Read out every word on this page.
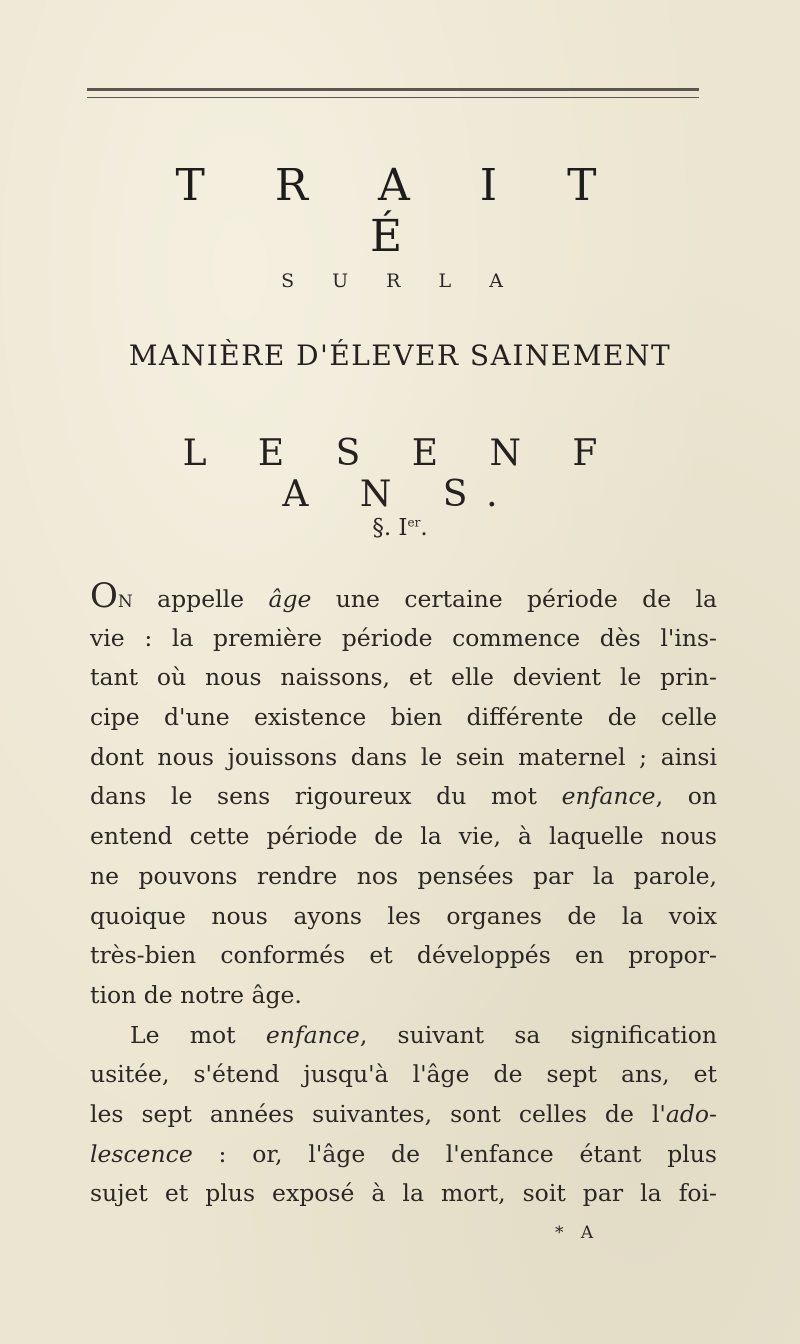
T R A I T É
S U R L A
MANIÈRE D'ÉLEVER SAINEMENT
L E S E N F A N S.
§. Ier.
ON appelle âge une certaine période de la
vie : la première période commence dès l'ins-
tant où nous naissons, et elle devient le prin-
cipe d'une existence bien différente de celle
dont nous jouissons dans le sein maternel ; ainsi
dans le sens rigoureux du mot enfance, on
entend cette période de la vie, à laquelle nous
ne pouvons rendre nos pensées par la parole,
quoique nous ayons les organes de la voix
très-bien conformés et développés en propor-
tion de notre âge.
Le mot enfance, suivant sa signification
usitée, s'étend jusqu'à l'âge de sept ans, et
les sept années suivantes, sont celles de l'ado-
lescence : or, l'âge de l'enfance étant plus
sujet et plus exposé à la mort, soit par la foi-
* A
